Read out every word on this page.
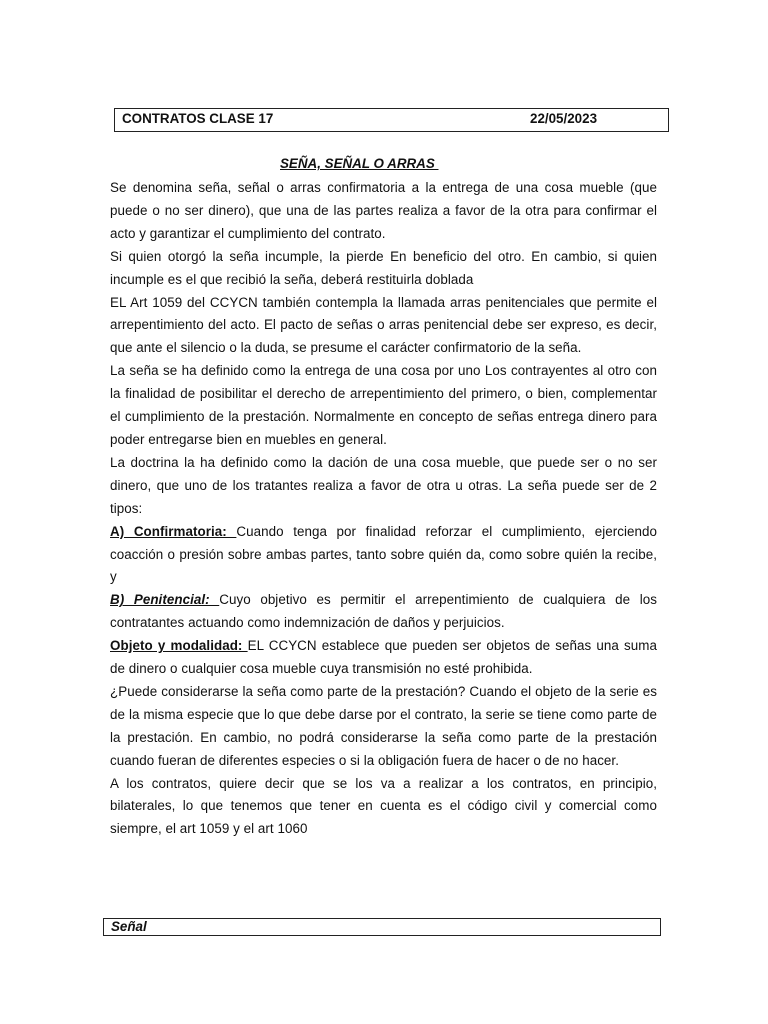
CONTRATOS CLASE 17	22/05/2023
SEÑA, SEÑAL O ARRAS

Se denomina seña, señal o arras confirmatoria a la entrega de una cosa mueble (que puede o no ser dinero), que una de las partes realiza a favor de la otra para confirmar el acto y garantizar el cumplimiento del contrato.

Si quien otorgó la seña incumple, la pierde En beneficio del otro. En cambio, si quien incumple es el que recibió la seña, deberá restituirla doblada

EL Art 1059 del CCYCN también contempla la llamada arras penitenciales que permite el arrepentimiento del acto. El pacto de señas o arras penitencial debe ser expreso, es decir, que ante el silencio o la duda, se presume el carácter confirmatorio de la seña.

La seña se ha definido como la entrega de una cosa por uno Los contrayentes al otro con la finalidad de posibilitar el derecho de arrepentimiento del primero, o bien, complementar el cumplimiento de la prestación. Normalmente en concepto de señas entrega dinero para poder entregarse bien en muebles en general.

La doctrina la ha definido como la dación de una cosa mueble, que puede ser o no ser dinero, que uno de los tratantes realiza a favor de otra u otras. La seña puede ser de 2 tipos:

A) Confirmatoria: Cuando tenga por finalidad reforzar el cumplimiento, ejerciendo coacción o presión sobre ambas partes, tanto sobre quién da, como sobre quién la recibe, y

B) Penitencial: Cuyo objetivo es permitir el arrepentimiento de cualquiera de los contratantes actuando como indemnización de daños y perjuicios.

Objeto y modalidad: EL CCYCN establece que pueden ser objetos de señas una suma de dinero o cualquier cosa mueble cuya transmisión no esté prohibida.

¿Puede considerarse la seña como parte de la prestación? Cuando el objeto de la serie es de la misma especie que lo que debe darse por el contrato, la serie se tiene como parte de la prestación. En cambio, no podrá considerarse la seña como parte de la prestación cuando fueran de diferentes especies o si la obligación fuera de hacer o de no hacer.

A los contratos, quiere decir que se los va a realizar a los contratos, en principio, bilaterales, lo que tenemos que tener en cuenta es el código civil y comercial como siempre, el art 1059 y el art 1060

Señal
